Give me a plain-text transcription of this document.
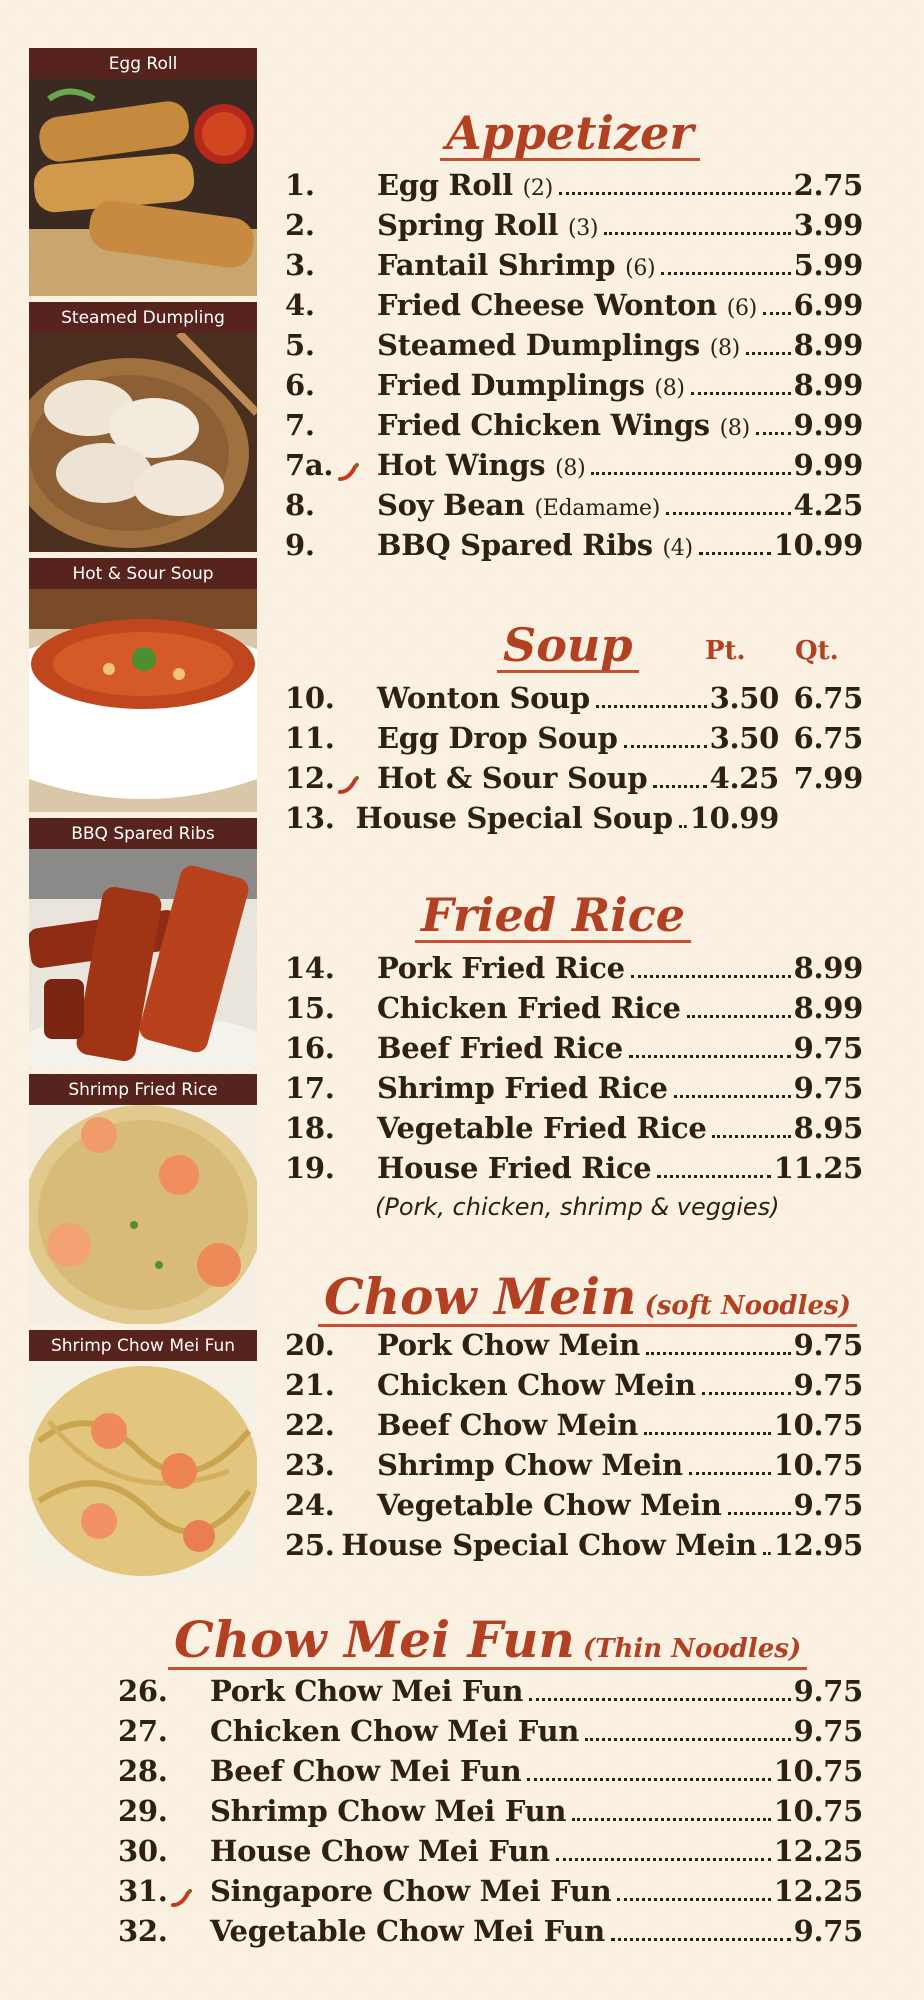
Egg Roll
Steamed Dumpling
Hot & Sour Soup
BBQ Spared Ribs
Shrimp Fried Rice
Shrimp Chow Mei Fun
Appetizer
1.	Egg Roll (2)	2.75
2.	Spring Roll (3)	3.99
3.	Fantail Shrimp (6)	5.99
4.	Fried Cheese Wonton (6) 6.99
5.	Steamed Dumplings (8) 8.99
6.	Fried Dumplings (8)	8.99
7.	Fried Chicken Wings (8) 9.99
7a.	Hot Wings (8)	9.99
8.	Soy Bean (Edamame)	4.25
9.	BBQ Spared Ribs (4)	10.99
Soup	Pt. Qt.
10.	Wonton Soup	3.50 6.75
11.	Egg Drop Soup	3.50 6.75
12.	Hot & Sour Soup 4.25 7.99
13. House Special Soup 10.99
Fried Rice
14.	Pork Fried Rice	8.99
15.	Chicken Fried Rice	8.99
16.	Beef Fried Rice	9.75
17.	Shrimp Fried Rice	9.75
18.	Vegetable Fried Rice	8.95
19.	House Fried Rice	11.25
(Pork, chicken, shrimp & veggies)
Chow Mein (soft Noodles)
20.	Pork Chow Mein	9.75
21.	Chicken Chow Mein	9.75
22.	Beef Chow Mein	10.75
23.	Shrimp Chow Mein	10.75
24.	Vegetable Chow Mein 9.75
25. House Special Chow Mein 12.95
Chow Mei Fun (Thin Noodles)
26.	Pork Chow Mei Fun	9.75
27.	Chicken Chow Mei Fun	9.75
28.	Beef Chow Mei Fun	10.75
29.	Shrimp Chow Mei Fun	10.75
30.	House Chow Mei Fun	12.25
31.	Singapore Chow Mei Fun	12.25
32.	Vegetable Chow Mei Fun	9.75
